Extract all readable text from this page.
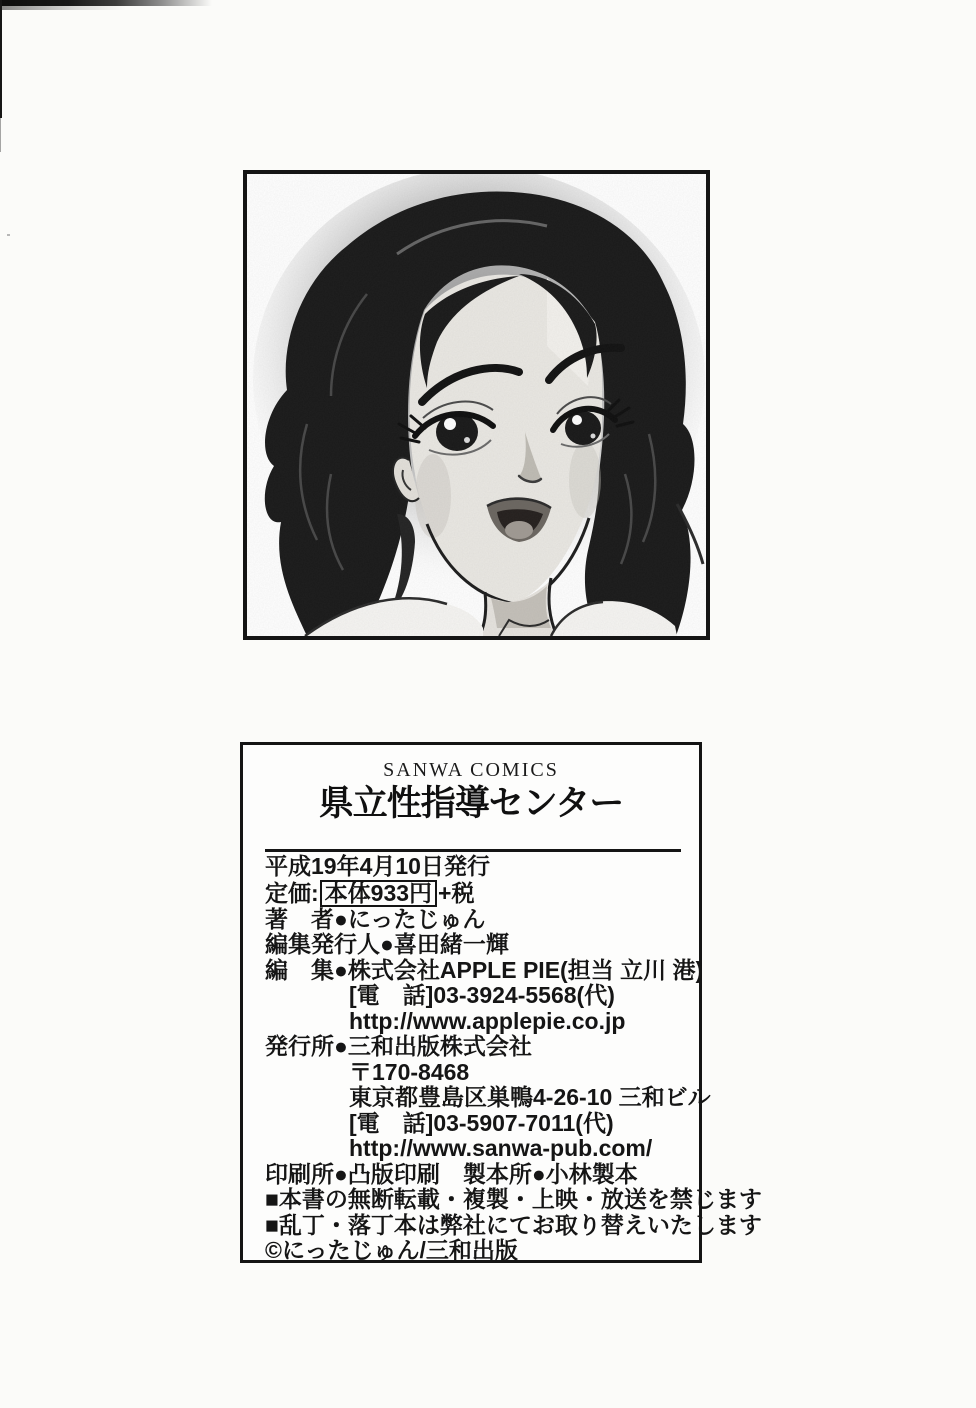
SANWA COMICS
県立性指導センター
平成19年4月10日発行
定価: 本体933円 +税
著　者●にったじゅん
編集発行人●喜田緒一輝
編　集●株式会社APPLE PIE(担当 立川 港)
[電　話]03-3924-5568(代)
http://www.applepie.co.jp
発行所●三和出版株式会社
〒170-8468
東京都豊島区巣鴨4-26-10 三和ビル
[電　話]03-5907-7011(代)
http://www.sanwa-pub.com/
印刷所●凸版印刷　製本所●小林製本
■本書の無断転載・複製・上映・放送を禁じます
■乱丁・落丁本は弊社にてお取り替えいたします
©にったじゅん/三和出版
